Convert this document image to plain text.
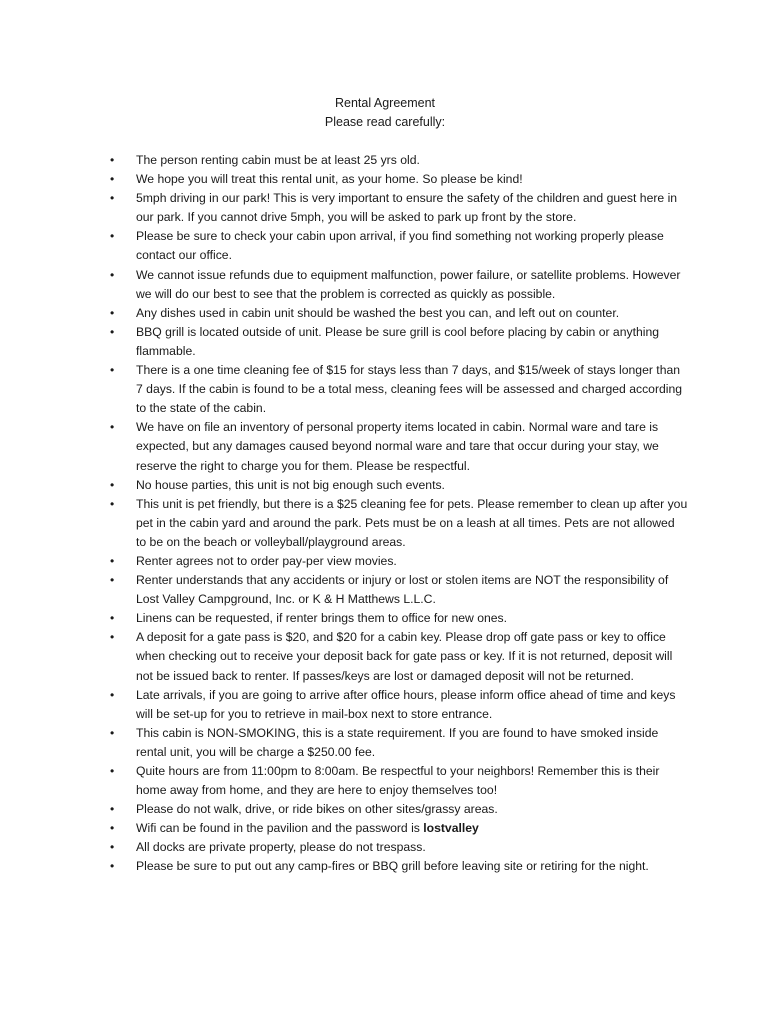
Rental Agreement
Please read carefully:
• The person renting cabin must be at least 25 yrs old.
• We hope you will treat this rental unit, as your home. So please be kind!
• 5mph driving in our park! This is very important to ensure the safety of the children and guest here in our park. If you cannot drive 5mph, you will be asked to park up front by the store.
• Please be sure to check your cabin upon arrival, if you find something not working properly please contact our office.
• We cannot issue refunds due to equipment malfunction, power failure, or satellite problems. However we will do our best to see that the problem is corrected as quickly as possible.
• Any dishes used in cabin unit should be washed the best you can, and left out on counter.
• BBQ grill is located outside of unit. Please be sure grill is cool before placing by cabin or anything flammable.
• There is a one time cleaning fee of $15 for stays less than 7 days, and $15/week of stays longer than 7 days. If the cabin is found to be a total mess, cleaning fees will be assessed and charged according to the state of the cabin.
• We have on file an inventory of personal property items located in cabin. Normal ware and tare is expected, but any damages caused beyond normal ware and tare that occur during your stay, we reserve the right to charge you for them. Please be respectful.
• No house parties, this unit is not big enough such events.
• This unit is pet friendly, but there is a $25 cleaning fee for pets. Please remember to clean up after you pet in the cabin yard and around the park. Pets must be on a leash at all times. Pets are not allowed to be on the beach or volleyball/playground areas.
• Renter agrees not to order pay-per view movies.
• Renter understands that any accidents or injury or lost or stolen items are NOT the responsibility of Lost Valley Campground, Inc. or K & H Matthews L.L.C.
• Linens can be requested, if renter brings them to office for new ones.
• A deposit for a gate pass is $20, and $20 for a cabin key. Please drop off gate pass or key to office when checking out to receive your deposit back for gate pass or key. If it is not returned, deposit will not be issued back to renter. If passes/keys are lost or damaged deposit will not be returned.
• Late arrivals, if you are going to arrive after office hours, please inform office ahead of time and keys will be set-up for you to retrieve in mail-box next to store entrance.
• This cabin is NON-SMOKING, this is a state requirement. If you are found to have smoked inside rental unit, you will be charge a $250.00 fee.
• Quite hours are from 11:00pm to 8:00am. Be respectful to your neighbors! Remember this is their home away from home, and they are here to enjoy themselves too!
• Please do not walk, drive, or ride bikes on other sites/grassy areas.
• Wifi can be found in the pavilion and the password is lostvalley
• All docks are private property, please do not trespass.
• Please be sure to put out any camp-fires or BBQ grill before leaving site or retiring for the night.
